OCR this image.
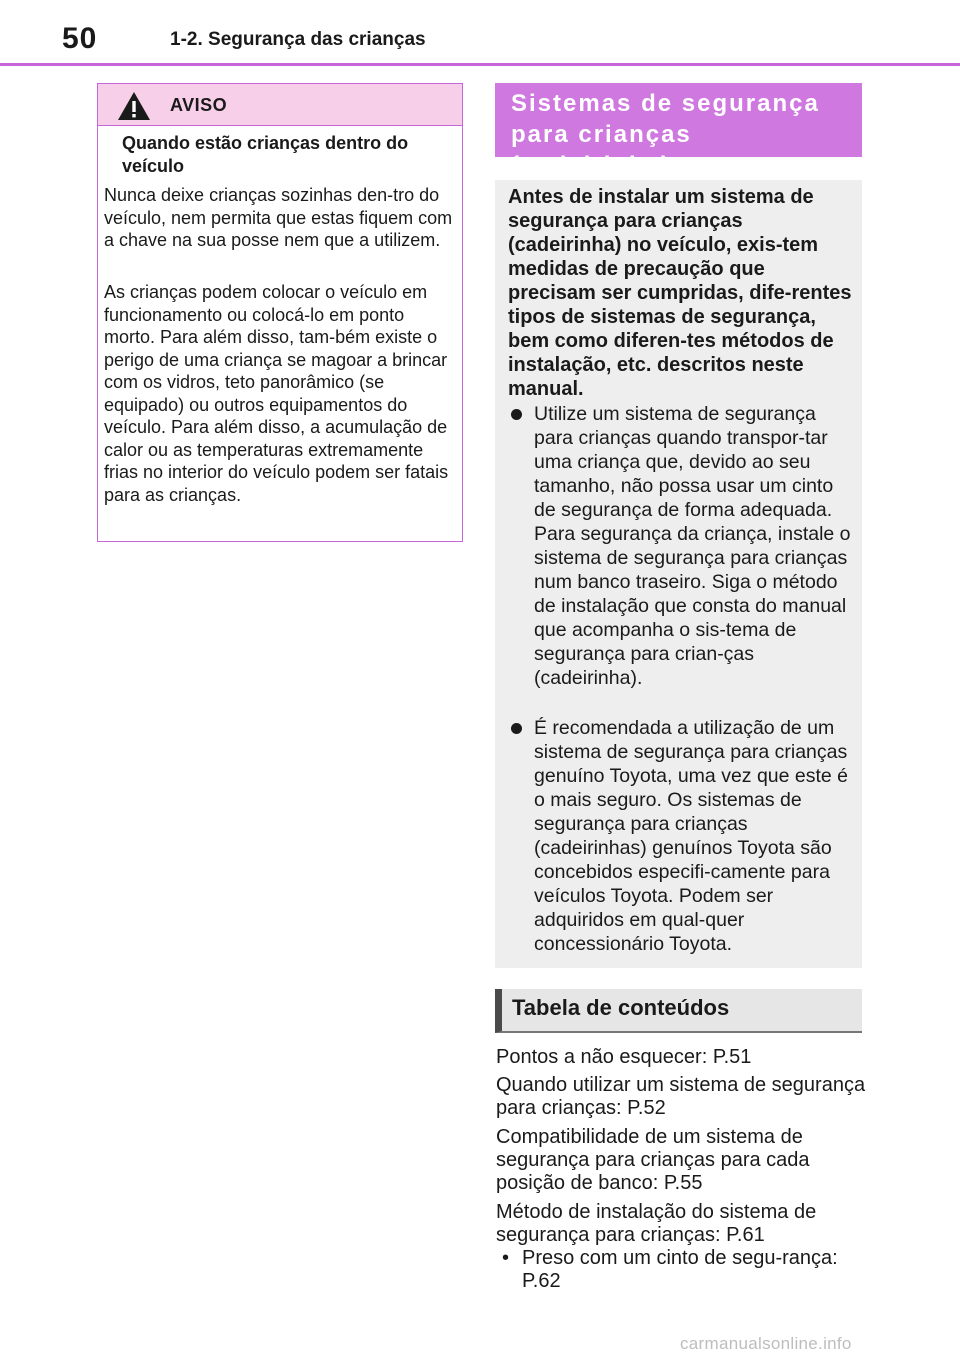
50	1-2. Segurança das crianças
AVISO
Quando estão crianças dentro do veículo
Nunca deixe crianças sozinhas den-tro do veículo, nem permita que estas fiquem com a chave na sua posse nem que a utilizem.
As crianças podem colocar o veículo em funcionamento ou colocá-lo em ponto morto. Para além disso, tam-bém existe o perigo de uma criança se magoar a brincar com os vidros, teto panorâmico (se equipado) ou outros equipamentos do veículo. Para além disso, a acumulação de calor ou as temperaturas extremamente frias no interior do veículo podem ser fatais para as crianças.
Sistemas de segurança para crianças (cadeirinha)
Antes de instalar um sistema de segurança para crianças (cadeirinha) no veículo, exis-tem medidas de precaução que precisam ser cumpridas, dife-rentes tipos de sistemas de segurança, bem como diferen-tes métodos de instalação, etc. descritos neste manual.
Utilize um sistema de segurança para crianças quando transpor-tar uma criança que, devido ao seu tamanho, não possa usar um cinto de segurança de forma adequada. Para segurança da criança, instale o sistema de segurança para crianças num banco traseiro. Siga o método de instalação que consta do manual que acompanha o sis-tema de segurança para crian-ças (cadeirinha).
É recomendada a utilização de um sistema de segurança para crianças genuíno Toyota, uma vez que este é o mais seguro. Os sistemas de segurança para crianças (cadeirinhas) genuínos Toyota são concebidos especifi-camente para veículos Toyota. Podem ser adquiridos em qual-quer concessionário Toyota.
Tabela de conteúdos
Pontos a não esquecer: P.51
Quando utilizar um sistema de segurança para crianças: P.52
Compatibilidade de um sistema de segurança para crianças para cada posição de banco: P.55
Método de instalação do sistema de segurança para crianças: P.61
• Preso com um cinto de segu-rança: P.62
carmanualsonline.info
